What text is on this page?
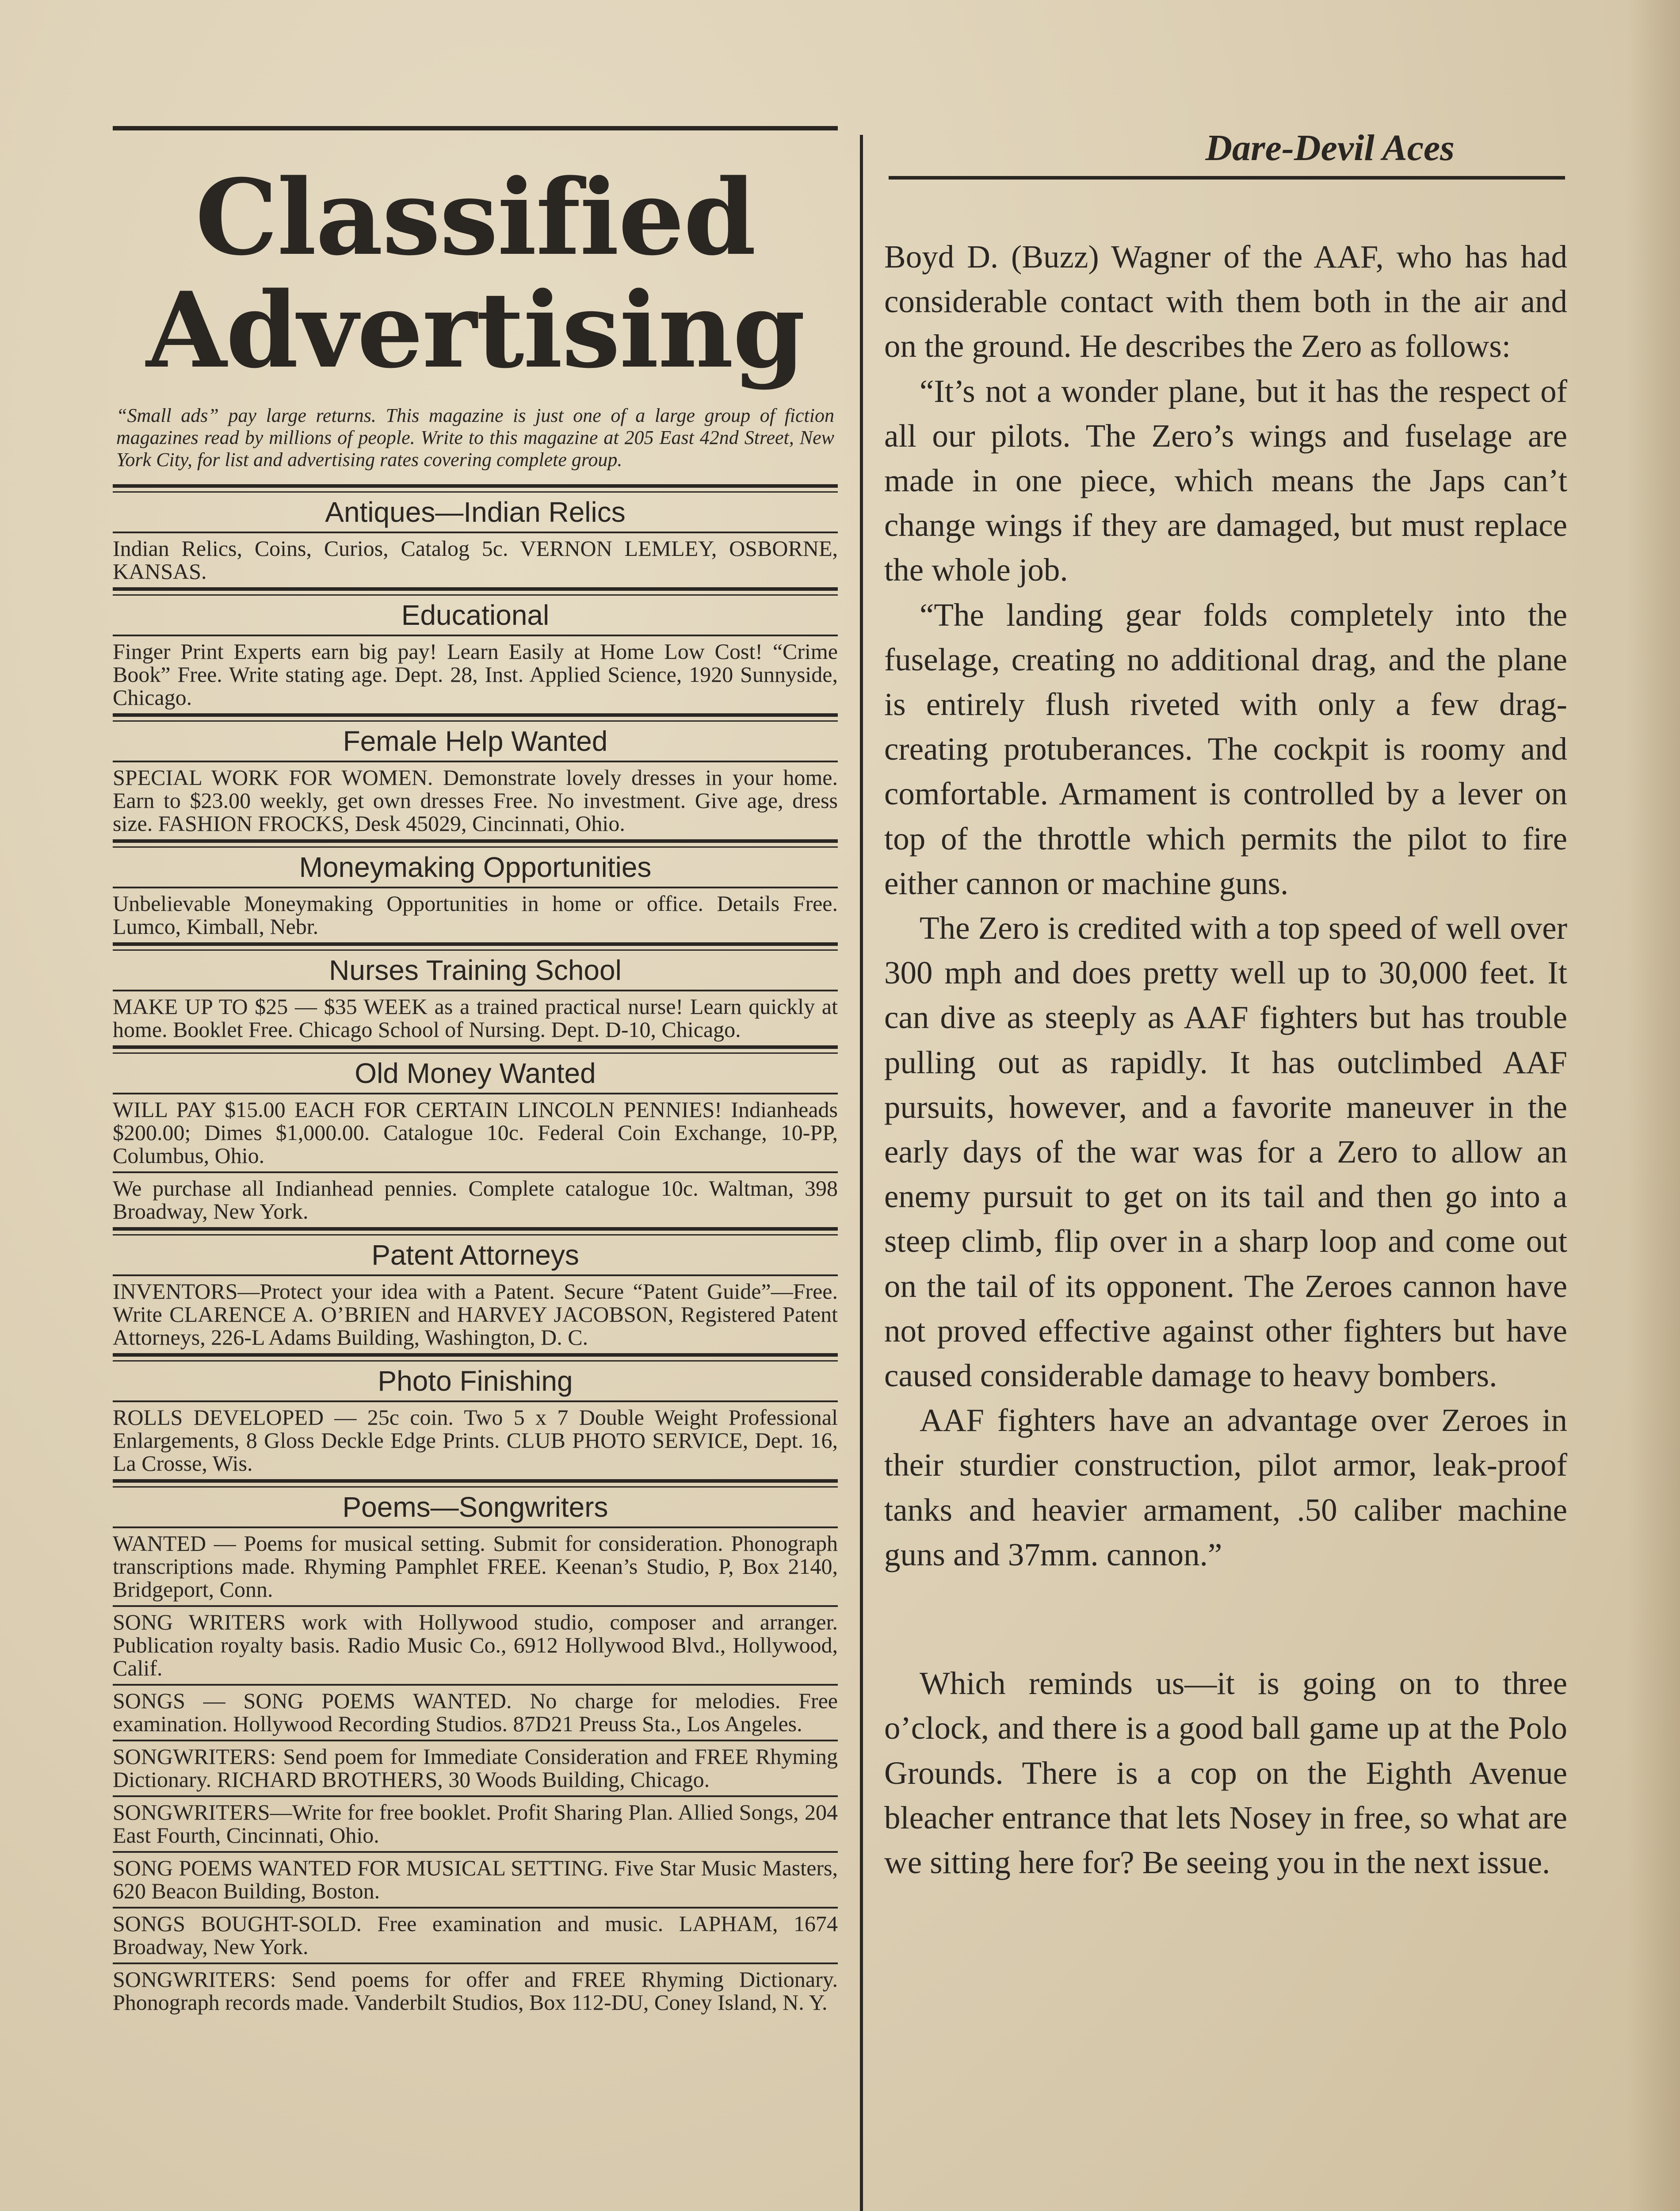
Classified
Advertising
“Small ads” pay large returns. This magazine is just one of a large group of fiction magazines read by millions of people. Write to this magazine at 205 East 42nd Street, New York City, for list and advertising rates covering complete group.
Antiques—Indian Relics
Indian Relics, Coins, Curios, Catalog 5c. VERNON LEMLEY, OSBORNE, KANSAS.
Educational
Finger Print Experts earn big pay! Learn Easily at Home Low Cost! “Crime Book” Free. Write stating age. Dept. 28, Inst. Applied Science, 1920 Sunnyside, Chicago.
Female Help Wanted
SPECIAL WORK FOR WOMEN. Demonstrate lovely dresses in your home. Earn to $23.00 weekly, get own dresses Free. No investment. Give age, dress size. FASHION FROCKS, Desk 45029, Cincinnati, Ohio.
Moneymaking Opportunities
Unbelievable Moneymaking Opportunities in home or office. Details Free. Lumco, Kimball, Nebr.
Nurses Training School
MAKE UP TO $25 — $35 WEEK as a trained practical nurse! Learn quickly at home. Booklet Free. Chicago School of Nursing. Dept. D-10, Chicago.
Old Money Wanted
WILL PAY $15.00 EACH FOR CERTAIN LINCOLN PENNIES! Indianheads $200.00; Dimes $1,000.00. Catalogue 10c. Federal Coin Exchange, 10-PP, Columbus, Ohio.
We purchase all Indianhead pennies. Complete catalogue 10c. Waltman, 398 Broadway, New York.
Patent Attorneys
INVENTORS—Protect your idea with a Patent. Secure “Patent Guide”—Free. Write CLARENCE A. O’BRIEN and HARVEY JACOBSON, Registered Patent Attorneys, 226-L Adams Building, Washington, D. C.
Photo Finishing
ROLLS DEVELOPED — 25c coin. Two 5 x 7 Double Weight Professional Enlargements, 8 Gloss Deckle Edge Prints. CLUB PHOTO SERVICE, Dept. 16, La Crosse, Wis.
Poems—Songwriters
WANTED — Poems for musical setting. Submit for consideration. Phonograph transcriptions made. Rhyming Pamphlet FREE. Keenan’s Studio, P, Box 2140, Bridgeport, Conn.
SONG WRITERS work with Hollywood studio, composer and arranger. Publication royalty basis. Radio Music Co., 6912 Hollywood Blvd., Hollywood, Calif.
SONGS — SONG POEMS WANTED. No charge for melodies. Free examination. Hollywood Recording Studios. 87D21 Preuss Sta., Los Angeles.
SONGWRITERS: Send poem for Immediate Consideration and FREE Rhyming Dictionary. RICHARD BROTHERS, 30 Woods Building, Chicago.
SONGWRITERS—Write for free booklet. Profit Sharing Plan. Allied Songs, 204 East Fourth, Cincinnati, Ohio.
SONG POEMS WANTED FOR MUSICAL SETTING. Five Star Music Masters, 620 Beacon Building, Boston.
SONGS BOUGHT-SOLD. Free examination and music. LAPHAM, 1674 Broadway, New York.
SONGWRITERS: Send poems for offer and FREE Rhyming Dictionary. Phonograph records made. Vanderbilt Studios, Box 112-DU, Coney Island, N. Y.
Dare-Devil Aces

Boyd D. (Buzz) Wagner of the AAF, who has had considerable contact with them both in the air and on the ground. He describes the Zero as follows:

“It’s not a wonder plane, but it has the respect of all our pilots. The Zero’s wings and fuselage are made in one piece, which means the Japs can’t change wings if they are damaged, but must replace the whole job.

“The landing gear folds completely into the fuselage, creating no additional drag, and the plane is entirely flush riveted with only a few drag-creating protuberances. The cockpit is roomy and comfortable. Armament is controlled by a lever on top of the throttle which permits the pilot to fire either cannon or machine guns.

The Zero is credited with a top speed of well over 300 mph and does pretty well up to 30,000 feet. It can dive as steeply as AAF fighters but has trouble pulling out as rapidly. It has outclimbed AAF pursuits, however, and a favorite maneuver in the early days of the war was for a Zero to allow an enemy pursuit to get on its tail and then go into a steep climb, flip over in a sharp loop and come out on the tail of its opponent. The Zeroes cannon have not proved effective against other fighters but have caused considerable damage to heavy bombers.

AAF fighters have an advantage over Zeroes in their sturdier construction, pilot armor, leak-proof tanks and heavier armament, .50 caliber machine guns and 37mm. cannon.”

Which reminds us—it is going on to three o’clock, and there is a good ball game up at the Polo Grounds. There is a cop on the Eighth Avenue bleacher entrance that lets Nosey in free, so what are we sitting here for? Be seeing you in the next issue.
